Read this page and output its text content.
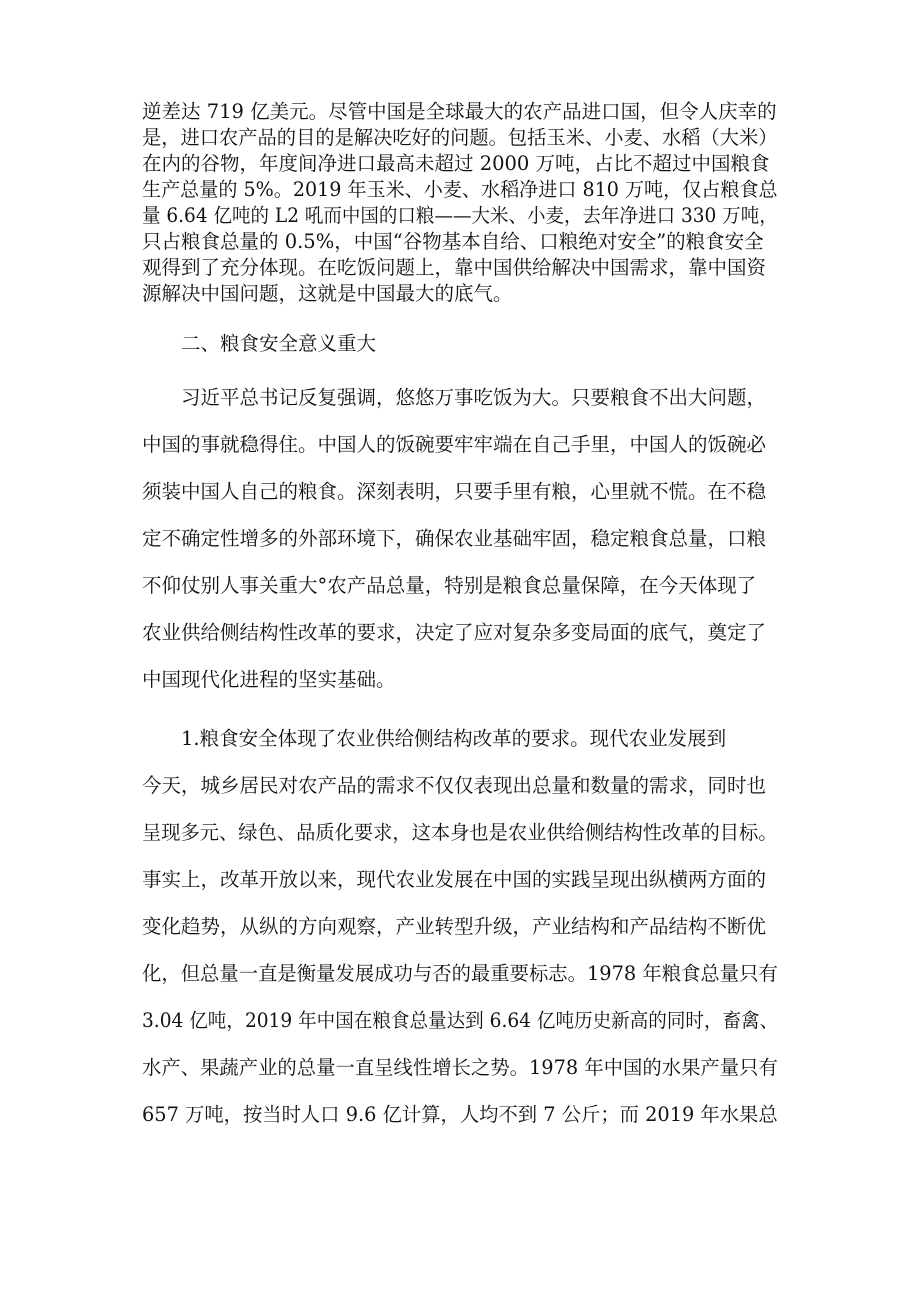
逆差达 719 亿美元。尽管中国是全球最大的农产品进口国，但令人庆幸的
是，进口农产品的目的是解决吃好的问题。包括玉米、小麦、水稻（大米）
在内的谷物，年度间净进口最高未超过 2000 万吨，占比不超过中国粮食
生产总量的 5%。2019 年玉米、小麦、水稻净进口 810 万吨，仅占粮食总
量 6.64 亿吨的 L2 吼而中国的口粮——大米、小麦，去年净进口 330 万吨，
只占粮食总量的 0.5%，中国“谷物基本自给、口粮绝对安全”的粮食安全
观得到了充分体现。在吃饭问题上，靠中国供给解决中国需求，靠中国资
源解决中国问题，这就是中国最大的底气。
二、粮食安全意义重大
习近平总书记反复强调，悠悠万事吃饭为大。只要粮食不出大问题，
中国的事就稳得住。中国人的饭碗要牢牢端在自己手里，中国人的饭碗必
须装中国人自己的粮食。深刻表明，只要手里有粮，心里就不慌。在不稳
定不确定性增多的外部环境下，确保农业基础牢固，稳定粮食总量，口粮
不仰仗别人事关重大°农产品总量，特别是粮食总量保障，在今天体现了
农业供给侧结构性改革的要求，决定了应对复杂多变局面的底气，奠定了
中国现代化进程的坚实基础。
1.粮食安全体现了农业供给侧结构改革的要求。现代农业发展到
今天，城乡居民对农产品的需求不仅仅表现出总量和数量的需求，同时也
呈现多元、绿色、品质化要求，这本身也是农业供给侧结构性改革的目标。
事实上，改革开放以来，现代农业发展在中国的实践呈现出纵横两方面的
变化趋势，从纵的方向观察，产业转型升级，产业结构和产品结构不断优
化，但总量一直是衡量发展成功与否的最重要标志。1978 年粮食总量只有
3.04 亿吨，2019 年中国在粮食总量达到 6.64 亿吨历史新高的同时，畜禽、
水产、果蔬产业的总量一直呈线性增长之势。1978 年中国的水果产量只有
657 万吨，按当时人口 9.6 亿计算，人均不到 7 公斤；而 2019 年水果总
